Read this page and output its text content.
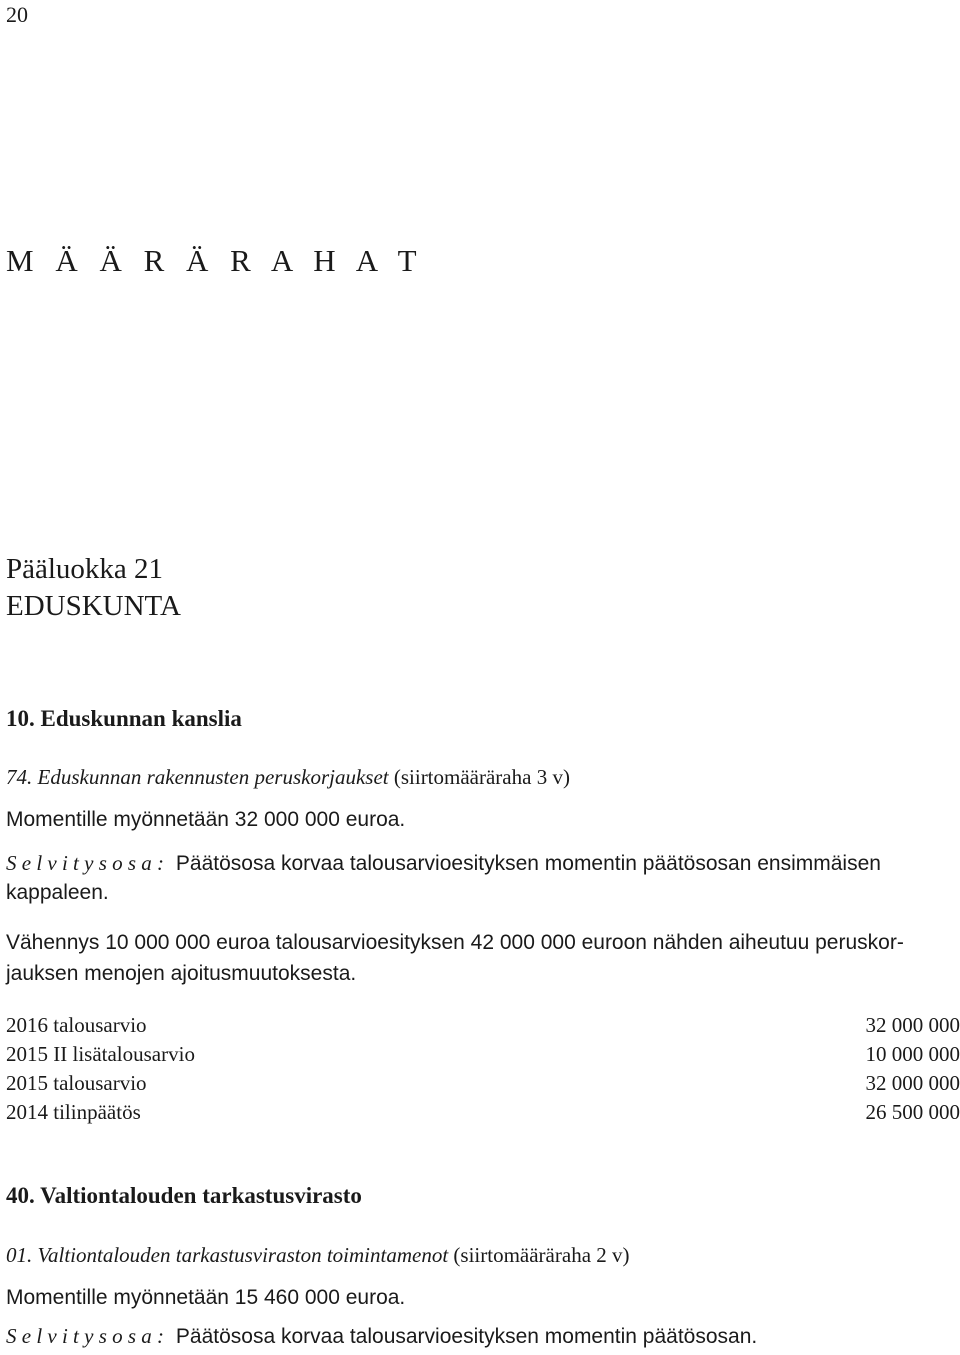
20
M Ä Ä R Ä R A H A T
Pääluokka 21
EDUSKUNTA
10. Eduskunnan kanslia
74. Eduskunnan rakennusten peruskorjaukset (siirtomääräraha 3 v)
Momentille myönnetään 32 000 000 euroa.
S e l v i t y s o s a : Päätösosa korvaa talousarvioesityksen momentin päätösosan ensimmäisen
kappaleen.
Vähennys 10 000 000 euroa talousarvioesityksen 42 000 000 euroon nähden aiheutuu peruskor-
jauksen menojen ajoitusmuutoksesta.
2016 talousarvio	32 000 000
2015 II lisätalousarvio	10 000 000
2015 talousarvio	32 000 000
2014 tilinpäätös	26 500 000
40. Valtiontalouden tarkastusvirasto
01. Valtiontalouden tarkastusviraston toimintamenot (siirtomääräraha 2 v)
Momentille myönnetään 15 460 000 euroa.
S e l v i t y s o s a : Päätösosa korvaa talousarvioesityksen momentin päätösosan.
